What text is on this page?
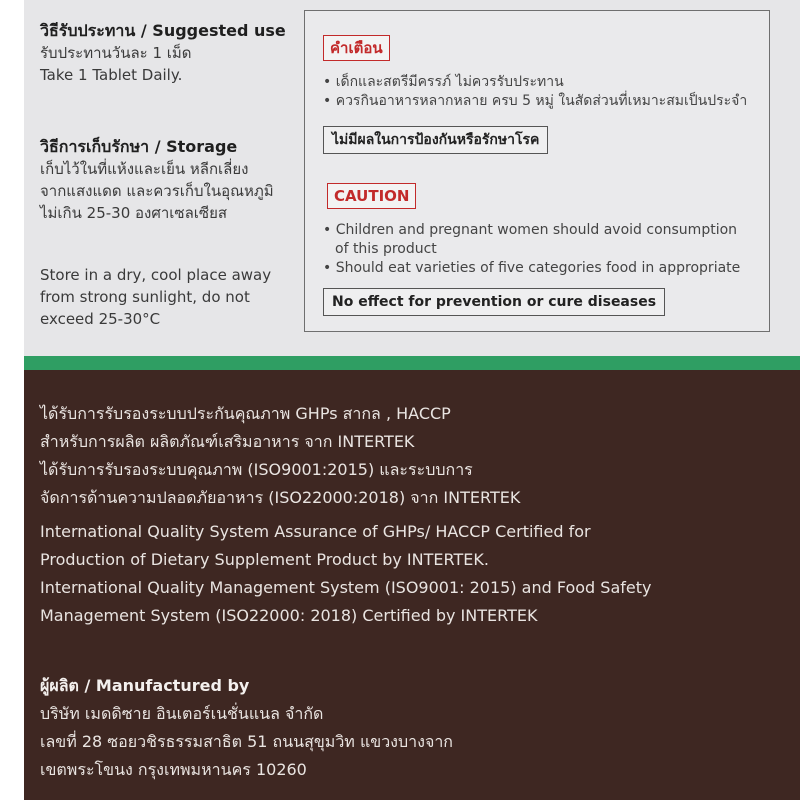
วิธีรับประทาน / Suggested use
รับประทานวันละ 1 เม็ด
Take 1 Tablet Daily.
วิธีการเก็บรักษา / Storage
เก็บไว้ในที่แห้งและเย็น หลีกเลี่ยง
จากแสงแดด และควรเก็บในอุณหภูมิ
ไม่เกิน 25-30 องศาเซลเซียส
Store in a dry, cool place away
from strong sunlight, do not
exceed 25-30°C
คำเตือน
• เด็กและสตรีมีครรภ์ ไม่ควรรับประทาน
• ควรกินอาหารหลากหลาย ครบ 5 หมู่ ในสัดส่วนที่เหมาะสมเป็นประจำ
ไม่มีผลในการป้องกันหรือรักษาโรค
CAUTION
• Children and pregnant women should avoid consumption
of this product
• Should eat varieties of five categories food in appropriate
No effect for prevention or cure diseases
ได้รับการรับรองระบบประกันคุณภาพ GHPs สากล , HACCP
สำหรับการผลิต ผลิตภัณฑ์เสริมอาหาร จาก INTERTEK
ได้รับการรับรองระบบคุณภาพ (ISO9001:2015) และระบบการ
จัดการด้านความปลอดภัยอาหาร (ISO22000:2018) จาก INTERTEK
International Quality System Assurance of GHPs/ HACCP Certified for
Production of Dietary Supplement Product by INTERTEK.
International Quality Management System (ISO9001: 2015) and Food Safety
Management System (ISO22000: 2018) Certified by INTERTEK
ผู้ผลิต / Manufactured by
บริษัท เมดดิซาย อินเตอร์เนชั่นแนล จำกัด
เลขที่ 28 ซอยวชิรธรรมสาธิต 51 ถนนสุขุมวิท แขวงบางจาก
เขตพระโขนง กรุงเทพมหานคร 10260
